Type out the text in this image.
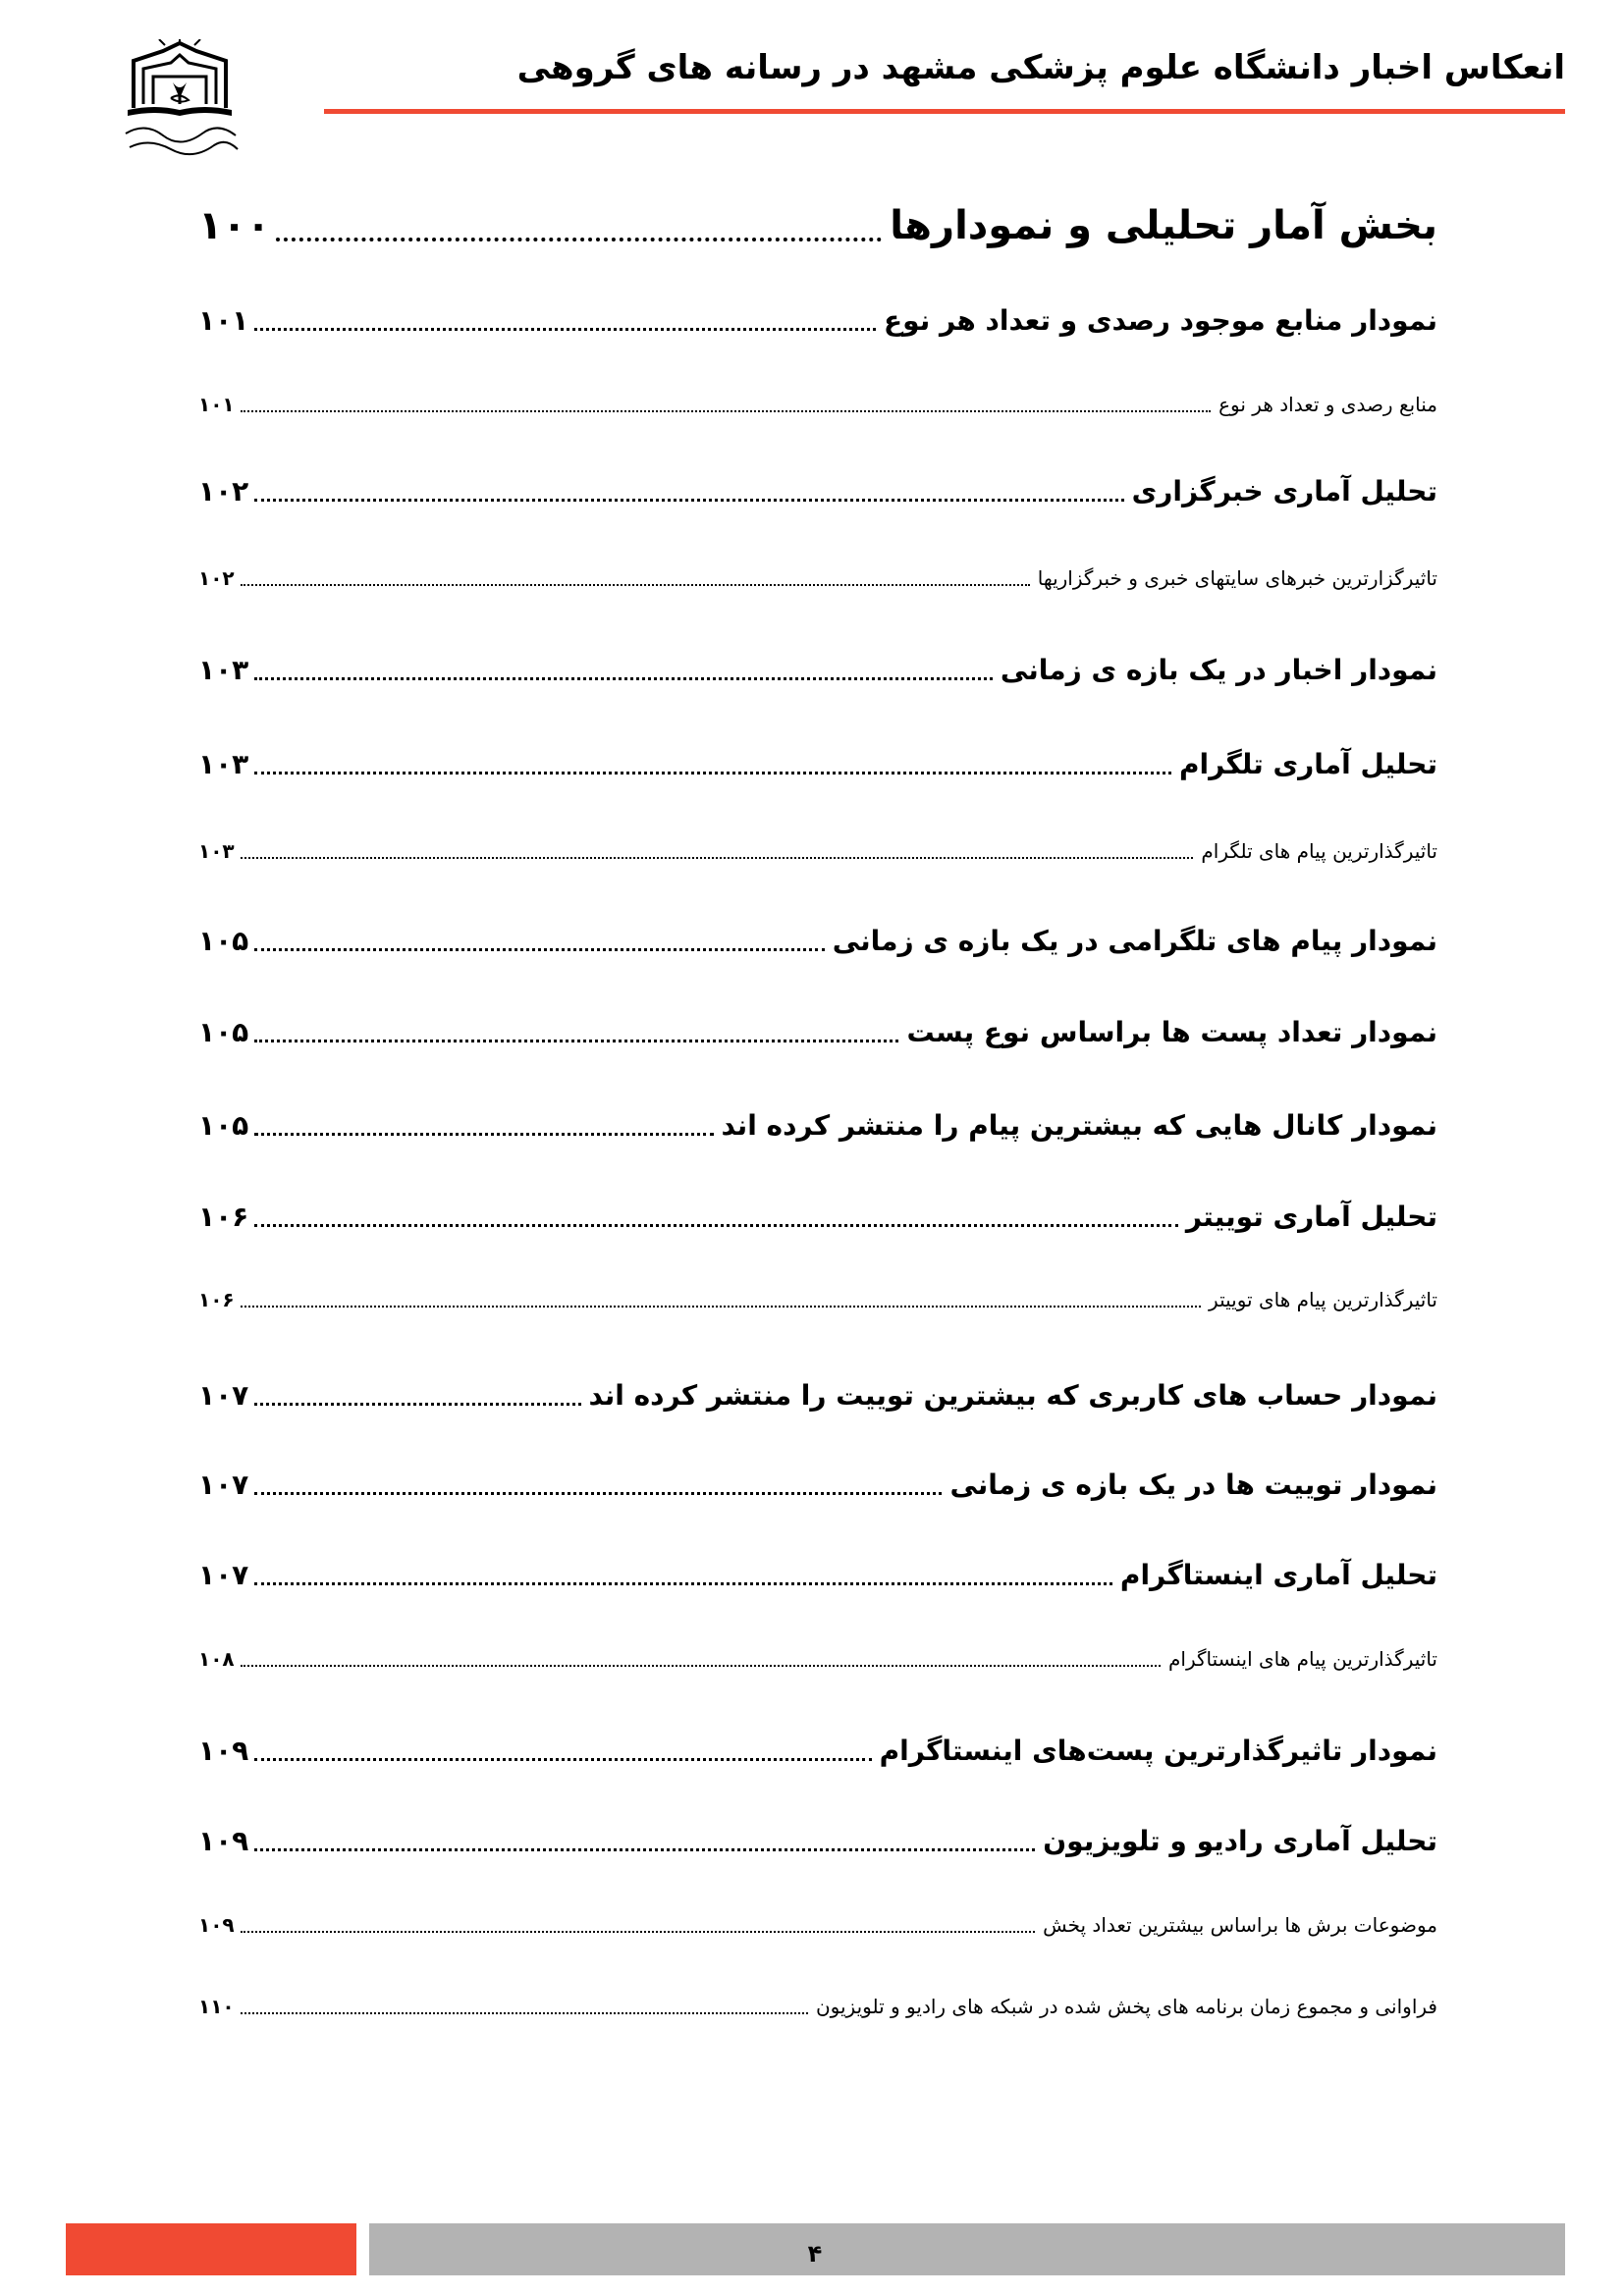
انعکاس اخبار دانشگاه علوم پزشکی مشهد در رسانه های گروهی
بخش آمار تحلیلی و نمودارها
۱۰۰
نمودار منابع موجود رصدی و تعداد هر نوع
۱۰۱
منابع رصدی و تعداد هر نوع
۱۰۱
تحلیل آماری خبرگزاری
۱۰۲
تاثیرگزارترین خبرهای سایتهای خبری و خبرگزاریها
۱۰۲
نمودار اخبار در یک بازه ی زمانی
۱۰۳
تحلیل آماری تلگرام
۱۰۳
تاثیرگذارترین پیام های تلگرام
۱۰۳
نمودار پیام های تلگرامی در یک بازه ی زمانی
۱۰۵
نمودار تعداد پست ها براساس نوع پست
۱۰۵
نمودار کانال هایی که بیشترین پیام را منتشر کرده اند
۱۰۵
تحلیل آماری توییتر
۱۰۶
تاثیرگذارترین پیام های توییتر
۱۰۶
نمودار حساب های کاربری که بیشترین توییت را منتشر کرده اند
۱۰۷
نمودار توییت ها در یک بازه ی زمانی
۱۰۷
تحلیل آماری اینستاگرام
۱۰۷
تاثیرگذارترین پیام های اینستاگرام
۱۰۸
نمودار تاثیرگذارترین پست‌های اینستاگرام
۱۰۹
تحلیل آماری رادیو و تلویزیون
۱۰۹
موضوعات برش ها براساس بیشترین تعداد پخش
۱۰۹
فراوانی و مجموع زمان برنامه های پخش شده در شبکه های رادیو و تلویزیون
۱۱۰
۴
